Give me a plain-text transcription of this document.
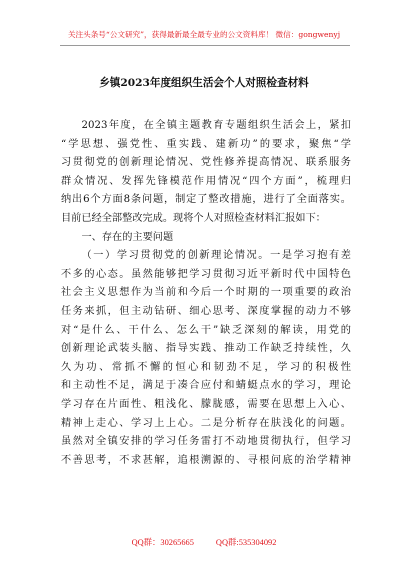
关注头条号“公文研究”，获得最新最全最专业的公文资料库！ 微信：gongwenyj
乡镇2023年度组织生活会个人对照检查材料
2023年度，在全镇主题教育专题组织生活会上，紧扣
“学思想、强党性、重实践、建新功”的要求，聚焦“学
习贯彻党的创新理论情况、党性修养提高情况、联系服务
群众情况、发挥先锋模范作用情况“四个方面”，梳理归
纳出6个方面8条问题，制定了整改措施，进行了全面落实。
目前已经全部整改完成。现将个人对照检查材料汇报如下：
一、存在的主要问题
（一）学习贯彻党的创新理论情况。一是学习抱有差
不多的心态。虽然能够把学习贯彻习近平新时代中国特色
社会主义思想作为当前和今后一个时期的一项重要的政治
任务来抓，但主动钻研、细心思考、深度掌握的动力不够
对“是什么、干什么、怎么干”缺乏深刻的解读，用党的
创新理论武装头脑、指导实践、推动工作缺乏持续性，久
久为功、常抓不懈的恒心和韧劲不足，学习的积极性
和主动性不足，满足于凑合应付和蜻蜓点水的学习，理论
学习存在片面性、粗浅化、朦胧感，需要在思想上入心、
精神上走心、学习上上心。二是分析存在肤浅化的问题。
虽然对全镇安排的学习任务雷打不动地贯彻执行，但学习
不善思考，不求甚解，追根溯源的、寻根问底的治学精神
QQ群：30265665	QQ群:535304092
